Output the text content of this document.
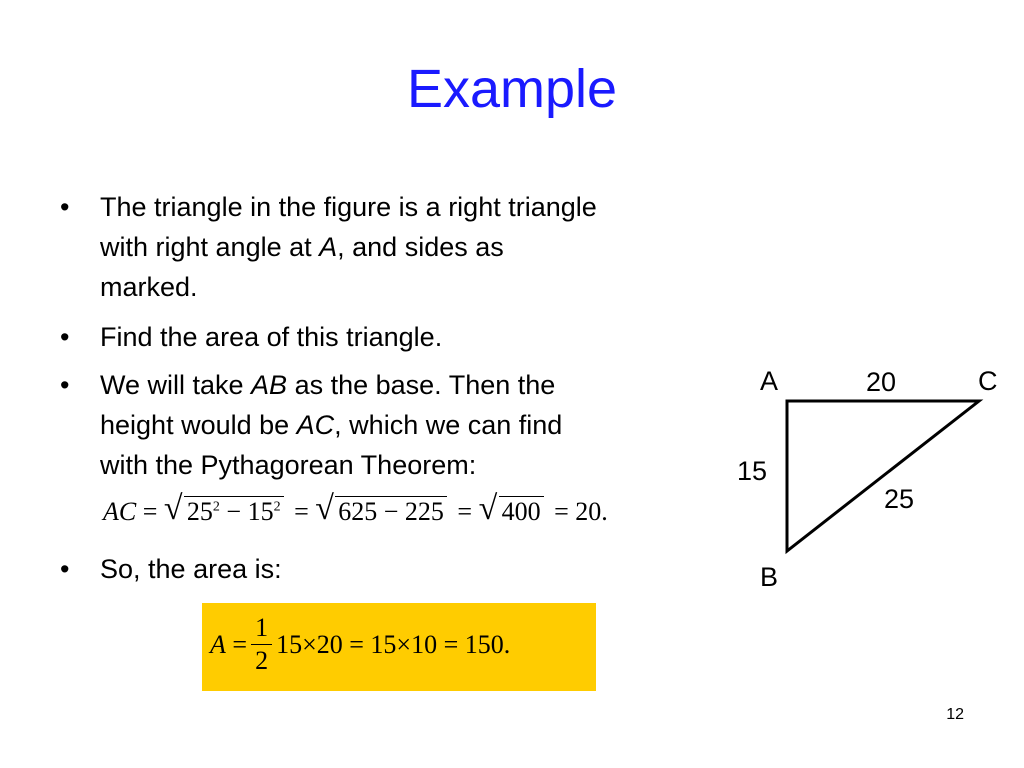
Example
• The triangle in the figure is a right triangle
with right angle at A, and sides as
marked.
• Find the area of this triangle.
• We will take AB as the base. Then the
height would be AC, which we can find
with the Pythagorean Theorem:
• So, the area is:
AC = √ $25^2 - 15^2$ = √ 625 − 225 = √ 400 = 20.
A
= $\frac{1}{2} 15\times 20$
=
15×10
=
150.
A	C
B
20
15
25
12
